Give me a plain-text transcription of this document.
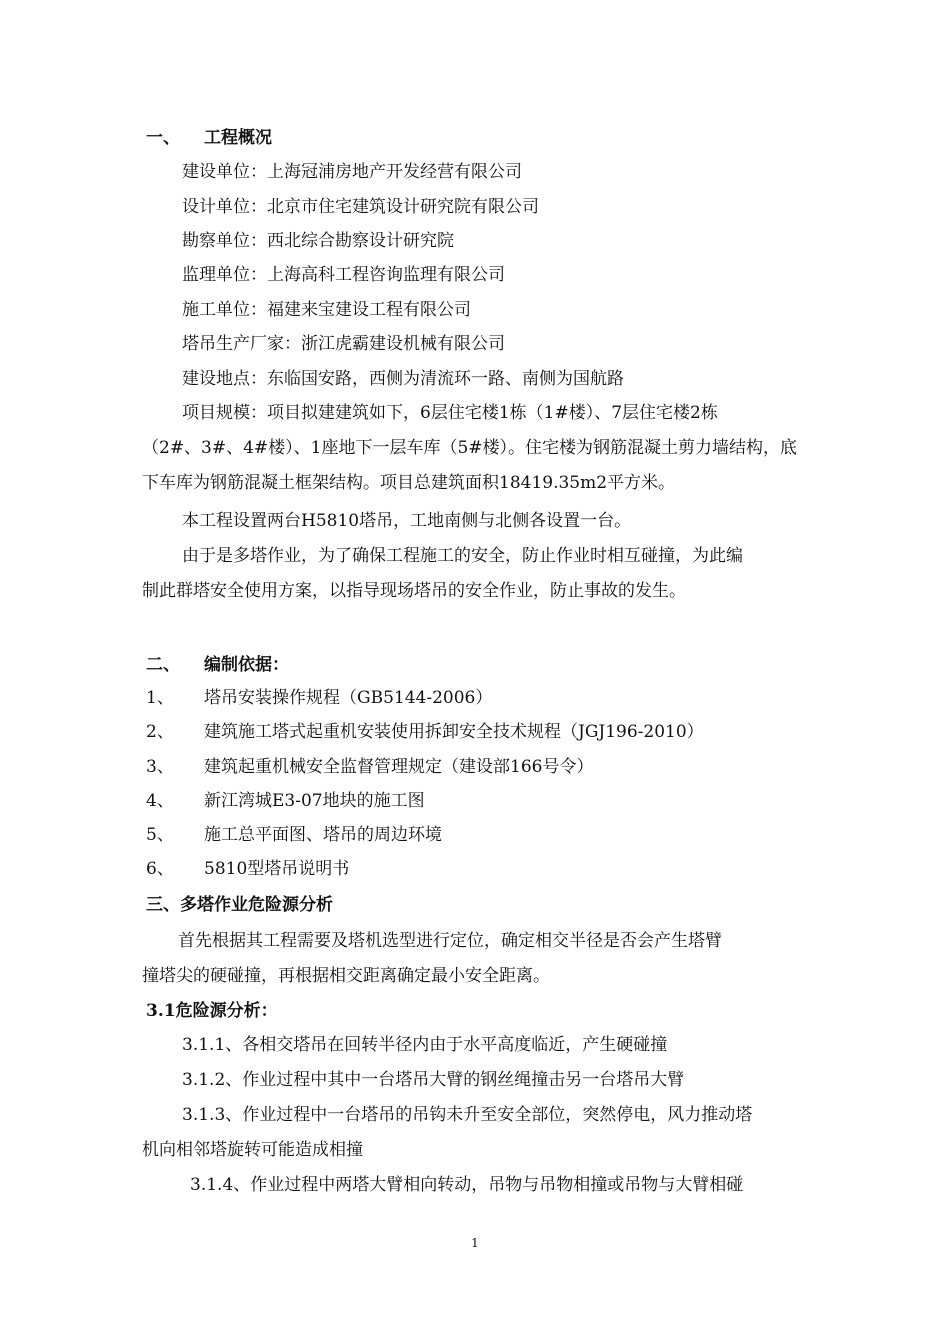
一、 工程概况
建设单位：上海冠浦房地产开发经营有限公司
设计单位：北京市住宅建筑设计研究院有限公司
勘察单位：西北综合勘察设计研究院
监理单位：上海高科工程咨询监理有限公司
施工单位：福建来宝建设工程有限公司
塔吊生产厂家：浙江虎霸建设机械有限公司
建设地点：东临国安路，西侧为清流环一路、南侧为国航路
项目规模：项目拟建建筑如下，6层住宅楼1栋（1#楼）、7层住宅楼2栋
（2#、3#、4#楼）、1座地下一层车库（5#楼）。住宅楼为钢筋混凝土剪力墙结构，底
下车库为钢筋混凝土框架结构。项目总建筑面积18419.35m2平方米。
本工程设置两台H5810塔吊，工地南侧与北侧各设置一台。
由于是多塔作业，为了确保工程施工的安全，防止作业时相互碰撞，为此编
制此群塔安全使用方案，以指导现场塔吊的安全作业，防止事故的发生。
二、 编制依据：
1、 塔吊安装操作规程（GB5144-2006）
2、 建筑施工塔式起重机安装使用拆卸安全技术规程（JGJ196-2010）
3、 建筑起重机械安全监督管理规定（建设部166号令）
4、 新江湾城E3-07地块的施工图
5、 施工总平面图、塔吊的周边环境
6、 5810型塔吊说明书
三、多塔作业危险源分析
首先根据其工程需要及塔机选型进行定位，确定相交半径是否会产生塔臂
撞塔尖的硬碰撞，再根据相交距离确定最小安全距离。
3.1危险源分析：
3.1.1、各相交塔吊在回转半径内由于水平高度临近，产生硬碰撞
3.1.2、作业过程中其中一台塔吊大臂的钢丝绳撞击另一台塔吊大臂
3.1.3、作业过程中一台塔吊的吊钩未升至安全部位，突然停电，风力推动塔
机向相邻塔旋转可能造成相撞
3.1.4、作业过程中两塔大臂相向转动，吊物与吊物相撞或吊物与大臂相碰
1
